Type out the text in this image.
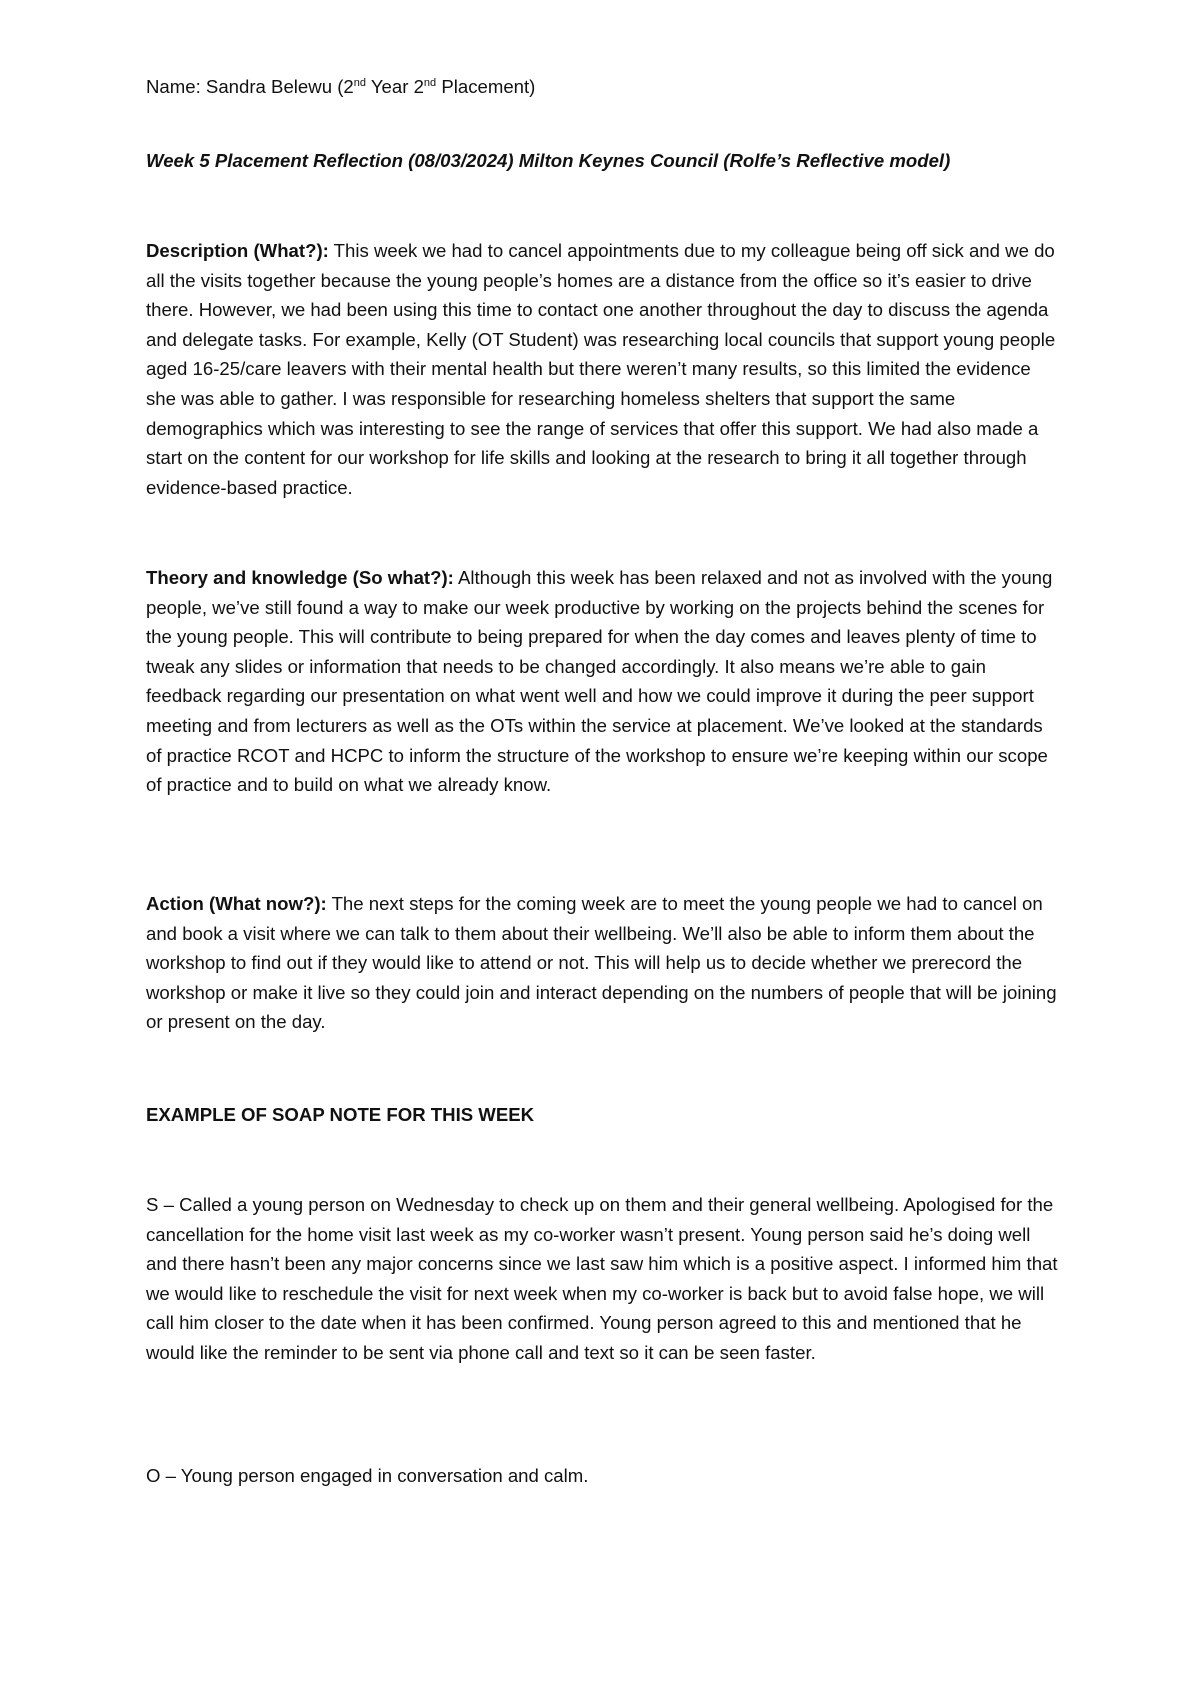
Name: Sandra Belewu (2nd Year 2nd Placement)
Week 5 Placement Reflection (08/03/2024) Milton Keynes Council (Rolfe’s Reflective model)

Description (What?): This week we had to cancel appointments due to my colleague being off sick and we do all the visits together because the young people’s homes are a distance from the office so it’s easier to drive there. However, we had been using this time to contact one another throughout the day to discuss the agenda and delegate tasks. For example, Kelly (OT Student) was researching local councils that support young people aged 16-25/care leavers with their mental health but there weren’t many results, so this limited the evidence she was able to gather. I was responsible for researching homeless shelters that support the same demographics which was interesting to see the range of services that offer this support. We had also made a start on the content for our workshop for life skills and looking at the research to bring it all together through evidence-based practice.

Theory and knowledge (So what?): Although this week has been relaxed and not as involved with the young people, we’ve still found a way to make our week productive by working on the projects behind the scenes for the young people. This will contribute to being prepared for when the day comes and leaves plenty of time to tweak any slides or information that needs to be changed accordingly. It also means we’re able to gain feedback regarding our presentation on what went well and how we could improve it during the peer support meeting and from lecturers as well as the OTs within the service at placement. We’ve looked at the standards of practice RCOT and HCPC to inform the structure of the workshop to ensure we’re keeping within our scope of practice and to build on what we already know.

Action (What now?): The next steps for the coming week are to meet the young people we had to cancel on and book a visit where we can talk to them about their wellbeing. We’ll also be able to inform them about the workshop to find out if they would like to attend or not. This will help us to decide whether we prerecord the workshop or make it live so they could join and interact depending on the numbers of people that will be joining or present on the day.

EXAMPLE OF SOAP NOTE FOR THIS WEEK

S – Called a young person on Wednesday to check up on them and their general wellbeing. Apologised for the cancellation for the home visit last week as my co-worker wasn’t present. Young person said he’s doing well and there hasn’t been any major concerns since we last saw him which is a positive aspect. I informed him that we would like to reschedule the visit for next week when my co-worker is back but to avoid false hope, we will call him closer to the date when it has been confirmed. Young person agreed to this and mentioned that he would like the reminder to be sent via phone call and text so it can be seen faster.

O – Young person engaged in conversation and calm.
